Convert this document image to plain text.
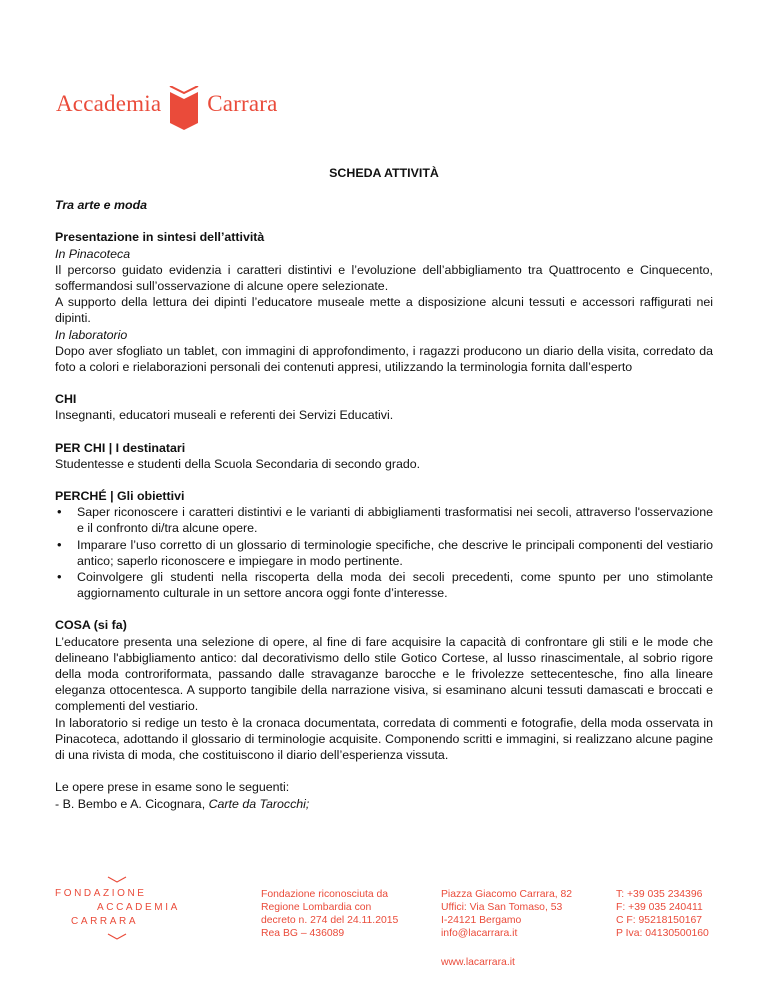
Accademia Carrara

SCHEDA ATTIVITÀ

Tra arte e moda

Presentazione in sintesi dell’attività

In Pinacoteca

Il percorso guidato evidenzia i caratteri distintivi e l’evoluzione dell’abbigliamento tra Quattrocento e Cinquecento, soffermandosi sull’osservazione di alcune opere selezionate.

A supporto della lettura dei dipinti l’educatore museale mette a disposizione alcuni tessuti e accessori raffigurati nei dipinti.

In laboratorio

Dopo aver sfogliato un tablet, con immagini di approfondimento, i ragazzi producono un diario della visita, corredato da foto a colori e rielaborazioni personali dei contenuti appresi, utilizzando la terminologia fornita dall’esperto

CHI

Insegnanti, educatori museali e referenti dei Servizi Educativi.

PER CHI | I destinatari

Studentesse e studenti della Scuola Secondaria di secondo grado.

PERCHÉ | Gli obiettivi

• Saper riconoscere i caratteri distintivi e le varianti di abbigliamenti trasformatisi nei secoli, attraverso l'osservazione e il confronto di/tra alcune opere.
• Imparare l’uso corretto di un glossario di terminologie specifiche, che descrive le principali componenti del vestiario antico; saperlo riconoscere e impiegare in modo pertinente.
• Coinvolgere gli studenti nella riscoperta della moda dei secoli precedenti, come spunto per uno stimolante aggiornamento culturale in un settore ancora oggi fonte d’interesse.

COSA (si fa)

L’educatore presenta una selezione di opere, al fine di fare acquisire la capacità di confrontare gli stili e le mode che delineano l'abbigliamento antico: dal decorativismo dello stile Gotico Cortese, al lusso rinascimentale, al sobrio rigore della moda controriformata, passando dalle stravaganze barocche e le frivolezze settecentesche, fino alla lineare eleganza ottocentesca. A supporto tangibile della narrazione visiva, si esaminano alcuni tessuti damascati e broccati e complementi del vestiario.

In laboratorio si redige un testo è la cronaca documentata, corredata di commenti e fotografie, della moda osservata in Pinacoteca, adottando il glossario di terminologie acquisite. Componendo scritti e immagini, si realizzano alcune pagine di una rivista di moda, che costituiscono il diario dell’esperienza vissuta.

Le opere prese in esame sono le seguenti:

- B. Bembo e A. Cicognara, Carte da Tarocchi;

FONDAZIONE
ACCADEMIA
CARRARA
Fondazione riconosciuta da
Regione Lombardia con
decreto n. 274 del 24.11.2015
Rea BG – 436089
Piazza Giacomo Carrara, 82
Uffici: Via San Tomaso, 53
I-24121 Bergamo
info@lacarrara.it
T: +39 035 234396
F: +39 035 240411
C F: 95218150167
P Iva: 04130500160
www.lacarrara.it
